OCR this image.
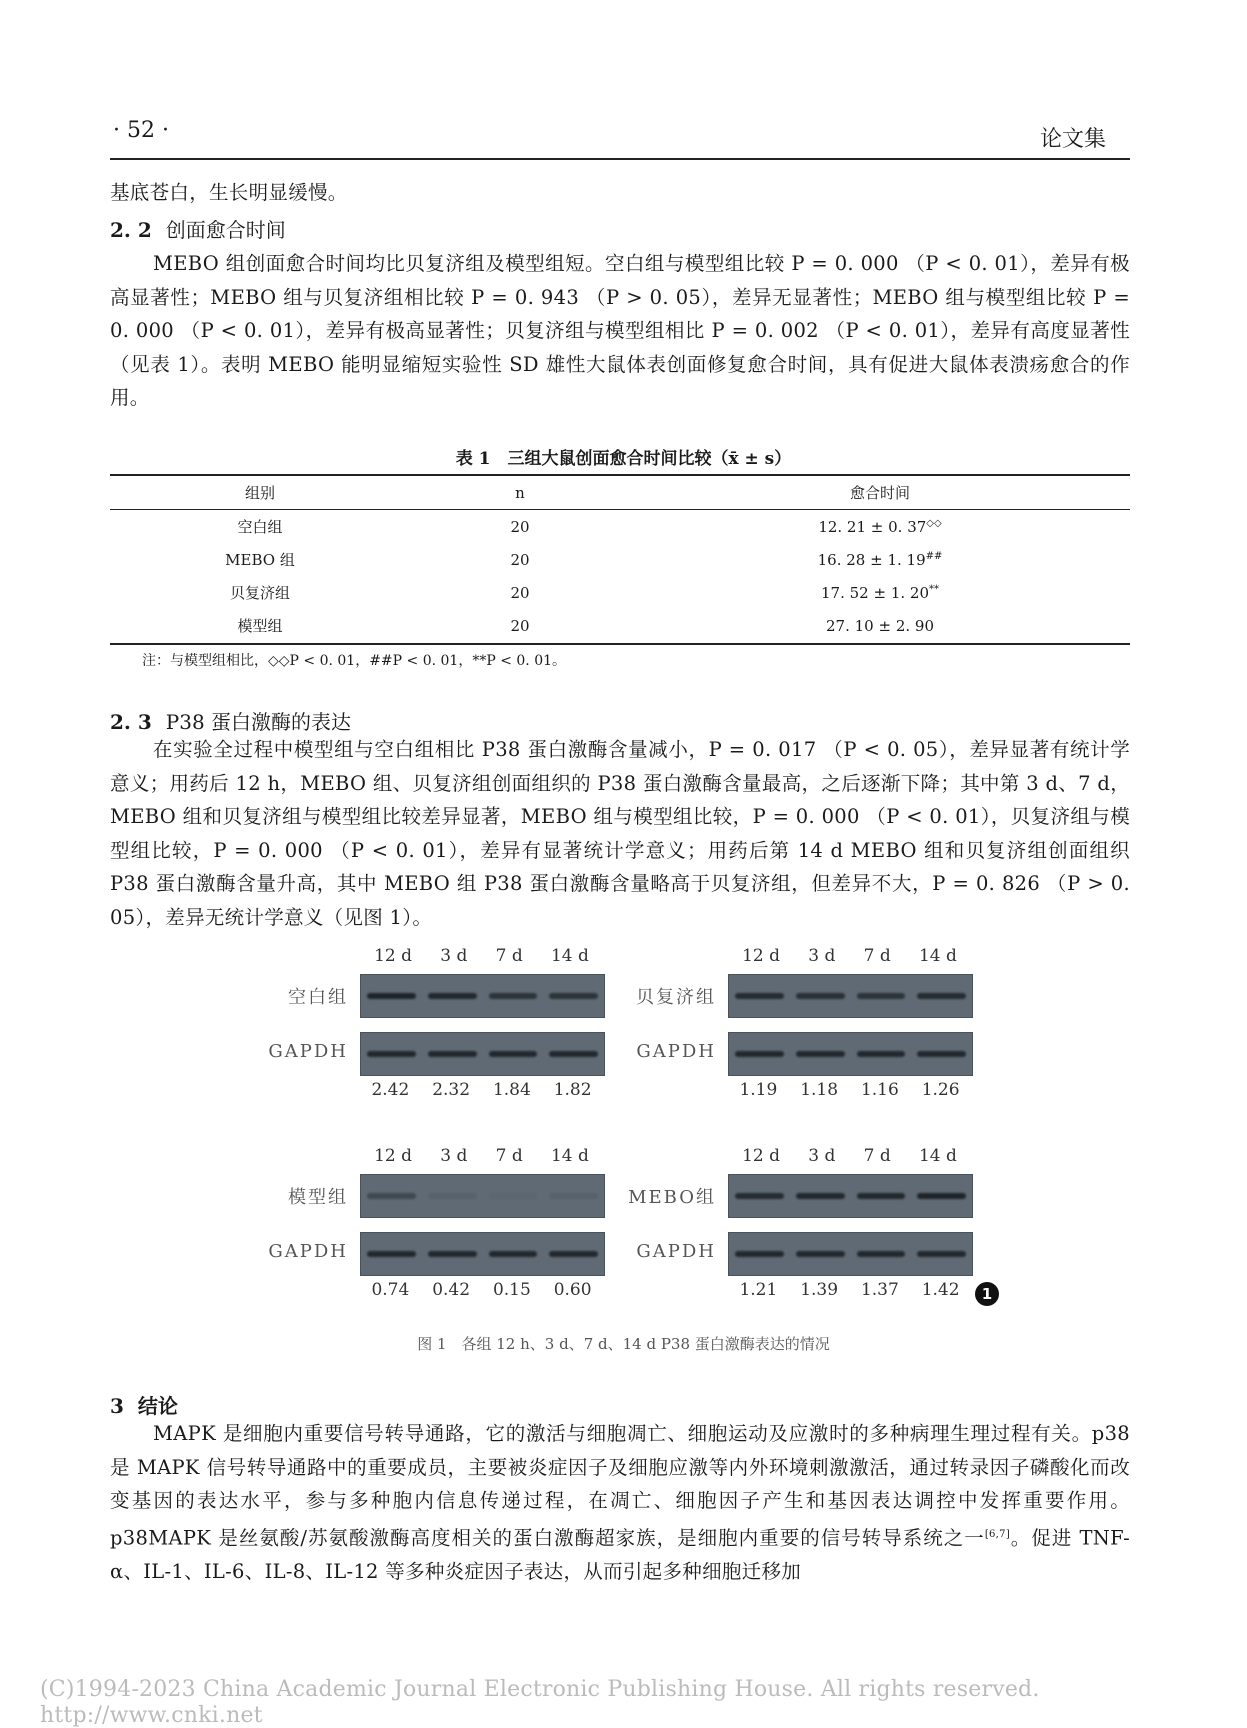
· 52 ·	论文集

基底苍白，生长明显缓慢。

2. 2 创面愈合时间

MEBO 组创面愈合时间均比贝复济组及模型组短。空白组与模型组比较 P = 0. 000 （P < 0. 01），差异有极高显著性；MEBO 组与贝复济组相比较 P = 0. 943 （P > 0. 05），差异无显著性；MEBO 组与模型组比较 P = 0. 000 （P < 0. 01），差异有极高显著性；贝复济组与模型组相比 P = 0. 002 （P < 0. 01），差异有高度显著性（见表 1）。表明 MEBO 能明显缩短实验性 SD 雄性大鼠体表创面修复愈合时间，具有促进大鼠体表溃疡愈合的作用。

表 1　三组大鼠创面愈合时间比较（x̄ ± s）
组别	n	愈合时间
空白组	20	12. 21 ± 0. 37◇◇
MEBO 组	20	16. 28 ± 1. 19##
贝复济组	20	17. 52 ± 1. 20**
模型组	20	27. 10 ± 2. 90
注：与模型组相比，◇◇P < 0. 01，##P < 0. 01，**P < 0. 01。
2. 3 P38 蛋白激酶的表达

在实验全过程中模型组与空白组相比 P38 蛋白激酶含量减小，P = 0. 017 （P < 0. 05），差异显著有统计学意义；用药后 12 h，MEBO 组、贝复济组创面组织的 P38 蛋白激酶含量最高，之后逐渐下降；其中第 3 d、7 d，MEBO 组和贝复济组与模型组比较差异显著，MEBO 组与模型组比较，P = 0. 000 （P < 0. 01），贝复济组与模型组比较，P = 0. 000 （P < 0. 01），差异有显著统计学意义；用药后第 14 d MEBO 组和贝复济组创面组织 P38 蛋白激酶含量升高，其中 MEBO 组 P38 蛋白激酶含量略高于贝复济组，但差异不大，P = 0. 826 （P > 0. 05），差异无统计学意义（见图 1）。

12 d 3 d 7 d 14 d
空白组
GAPDH
2.42 2.32 1.84 1.82
12 d 3 d 7 d 14 d
贝复济组
GAPDH
1.19 1.18 1.16 1.26
12 d 3 d 7 d 14 d
模型组
GAPDH
0.74 0.42 0.15 0.60
12 d 3 d 7 d 14 d
MEBO组
GAPDH
1.21 1.39 1.37 1.42	1
图 1　各组 12 h、3 d、7 d、14 d P38 蛋白激酶表达的情况
3 结论

MAPK 是细胞内重要信号转导通路，它的激活与细胞凋亡、细胞运动及应激时的多种病理生理过程有关。p38 是 MAPK 信号转导通路中的重要成员，主要被炎症因子及细胞应激等内外环境刺激激活，通过转录因子磷酸化而改变基因的表达水平，参与多种胞内信息传递过程，在凋亡、细胞因子产生和基因表达调控中发挥重要作用。p38MAPK 是丝氨酸/苏氨酸激酶高度相关的蛋白激酶超家族，是细胞内重要的信号转导系统之一[6,7]。促进 TNF-α、IL-1、IL-6、IL-8、IL-12 等多种炎症因子表达，从而引起多种细胞迁移加

(C)1994-2023 China Academic Journal Electronic Publishing House. All rights reserved.　　http://www.cnki.net
